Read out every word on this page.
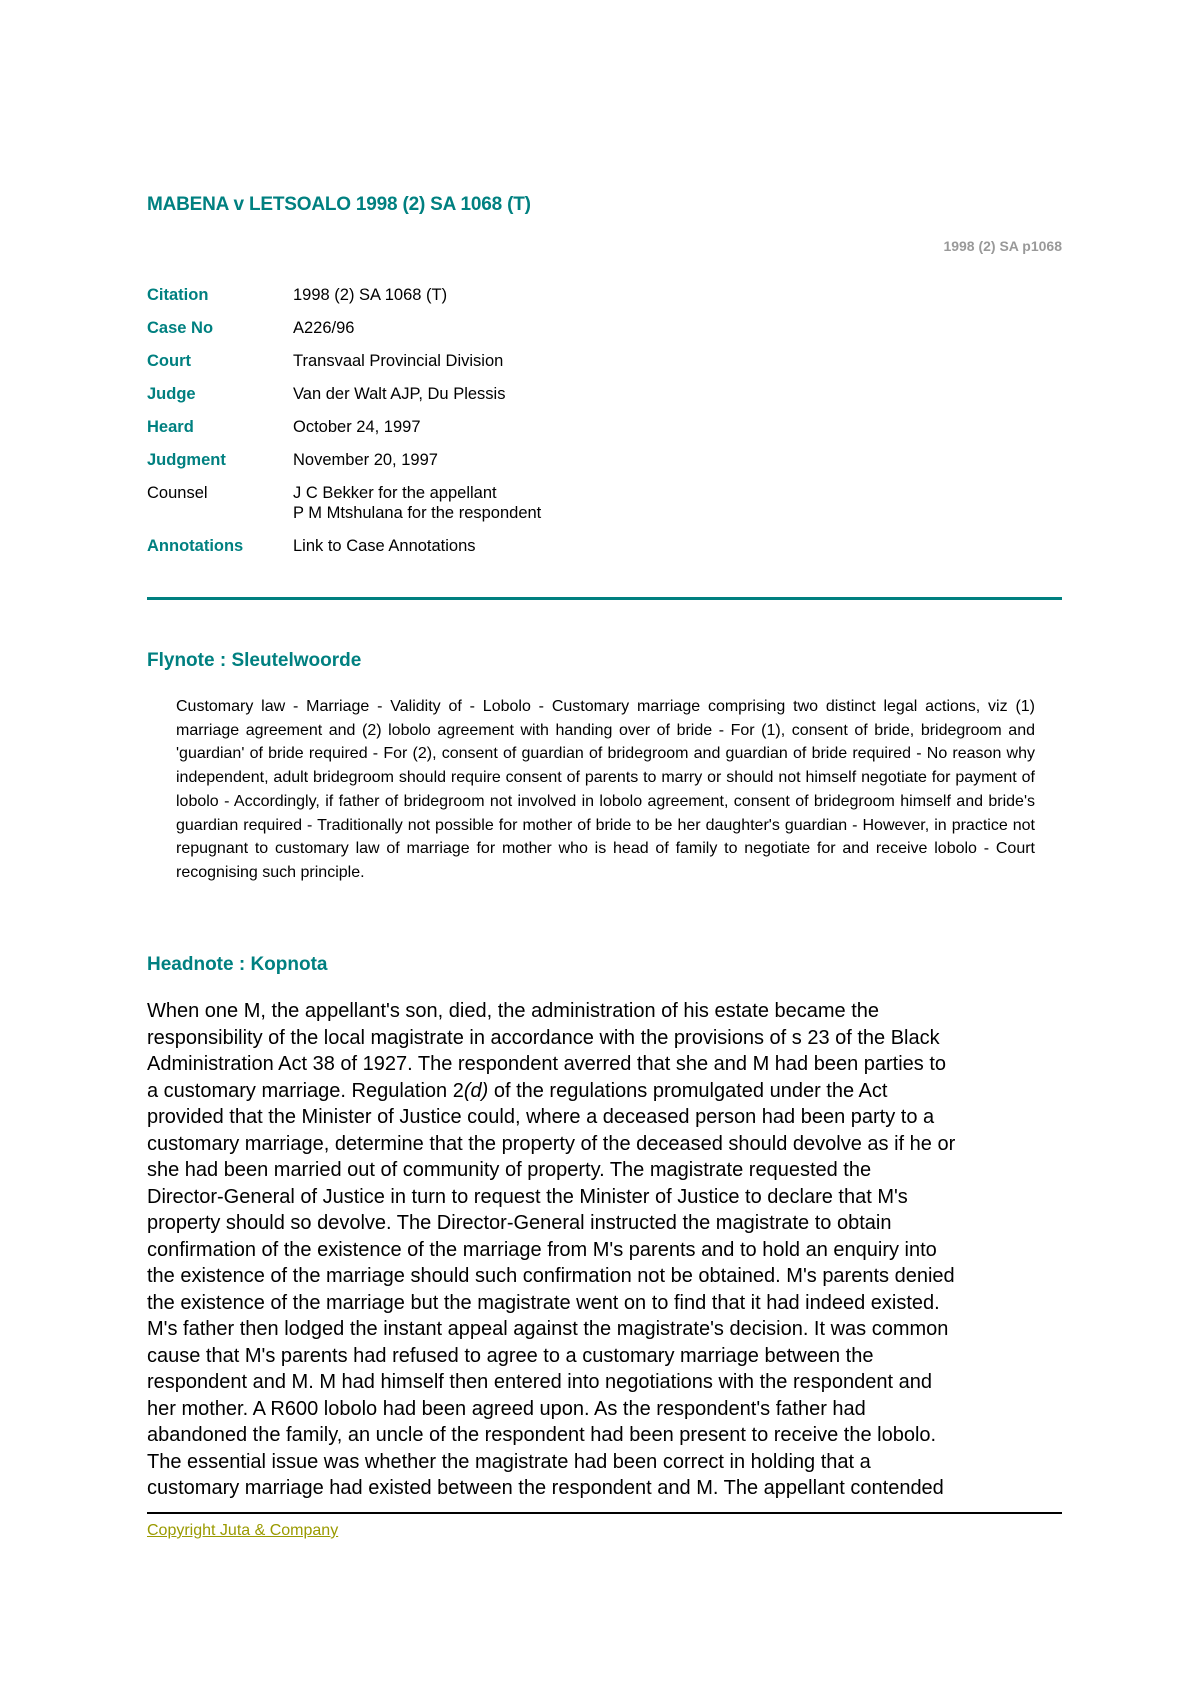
MABENA v LETSOALO 1998 (2) SA 1068 (T)
1998 (2) SA p1068
Citation	1998 (2) SA 1068 (T)
Case No	A226/96
Court	Transvaal Provincial Division
Judge	Van der Walt AJP, Du Plessis
Heard	October 24, 1997
Judgment	November 20, 1997
Counsel	J C Bekker for the appellant
P M Mtshulana for the respondent
Annotations	Link to Case Annotations
Flynote : Sleutelwoorde
Customary law - Marriage - Validity of - Lobolo - Customary marriage comprising two distinct legal actions, viz (1) marriage agreement and (2) lobolo agreement with handing over of bride - For (1), consent of bride, bridegroom and 'guardian' of bride required - For (2), consent of guardian of bridegroom and guardian of bride required - No reason why independent, adult bridegroom should require consent of parents to marry or should not himself negotiate for payment of lobolo - Accordingly, if father of bridegroom not involved in lobolo agreement, consent of bridegroom himself and bride's guardian required - Traditionally not possible for mother of bride to be her daughter's guardian - However, in practice not repugnant to customary law of marriage for mother who is head of family to negotiate for and receive lobolo - Court recognising such principle.
Headnote : Kopnota
When one M, the appellant's son, died, the administration of his estate became the
responsibility of the local magistrate in accordance with the provisions of s 23 of the Black
Administration Act 38 of 1927. The respondent averred that she and M had been parties to
a customary marriage. Regulation 2(d) of the regulations promulgated under the Act
provided that the Minister of Justice could, where a deceased person had been party to a
customary marriage, determine that the property of the deceased should devolve as if he or
she had been married out of community of property. The magistrate requested the
Director-General of Justice in turn to request the Minister of Justice to declare that M's
property should so devolve. The Director-General instructed the magistrate to obtain
confirmation of the existence of the marriage from M's parents and to hold an enquiry into
the existence of the marriage should such confirmation not be obtained. M's parents denied
the existence of the marriage but the magistrate went on to find that it had indeed existed.
M's father then lodged the instant appeal against the magistrate's decision. It was common
cause that M's parents had refused to agree to a customary marriage between the
respondent and M. M had himself then entered into negotiations with the respondent and
her mother. A R600 lobolo had been agreed upon. As the respondent's father had
abandoned the family, an uncle of the respondent had been present to receive the lobolo.
The essential issue was whether the magistrate had been correct in holding that a
customary marriage had existed between the respondent and M. The appellant contended
Copyright Juta & Company
